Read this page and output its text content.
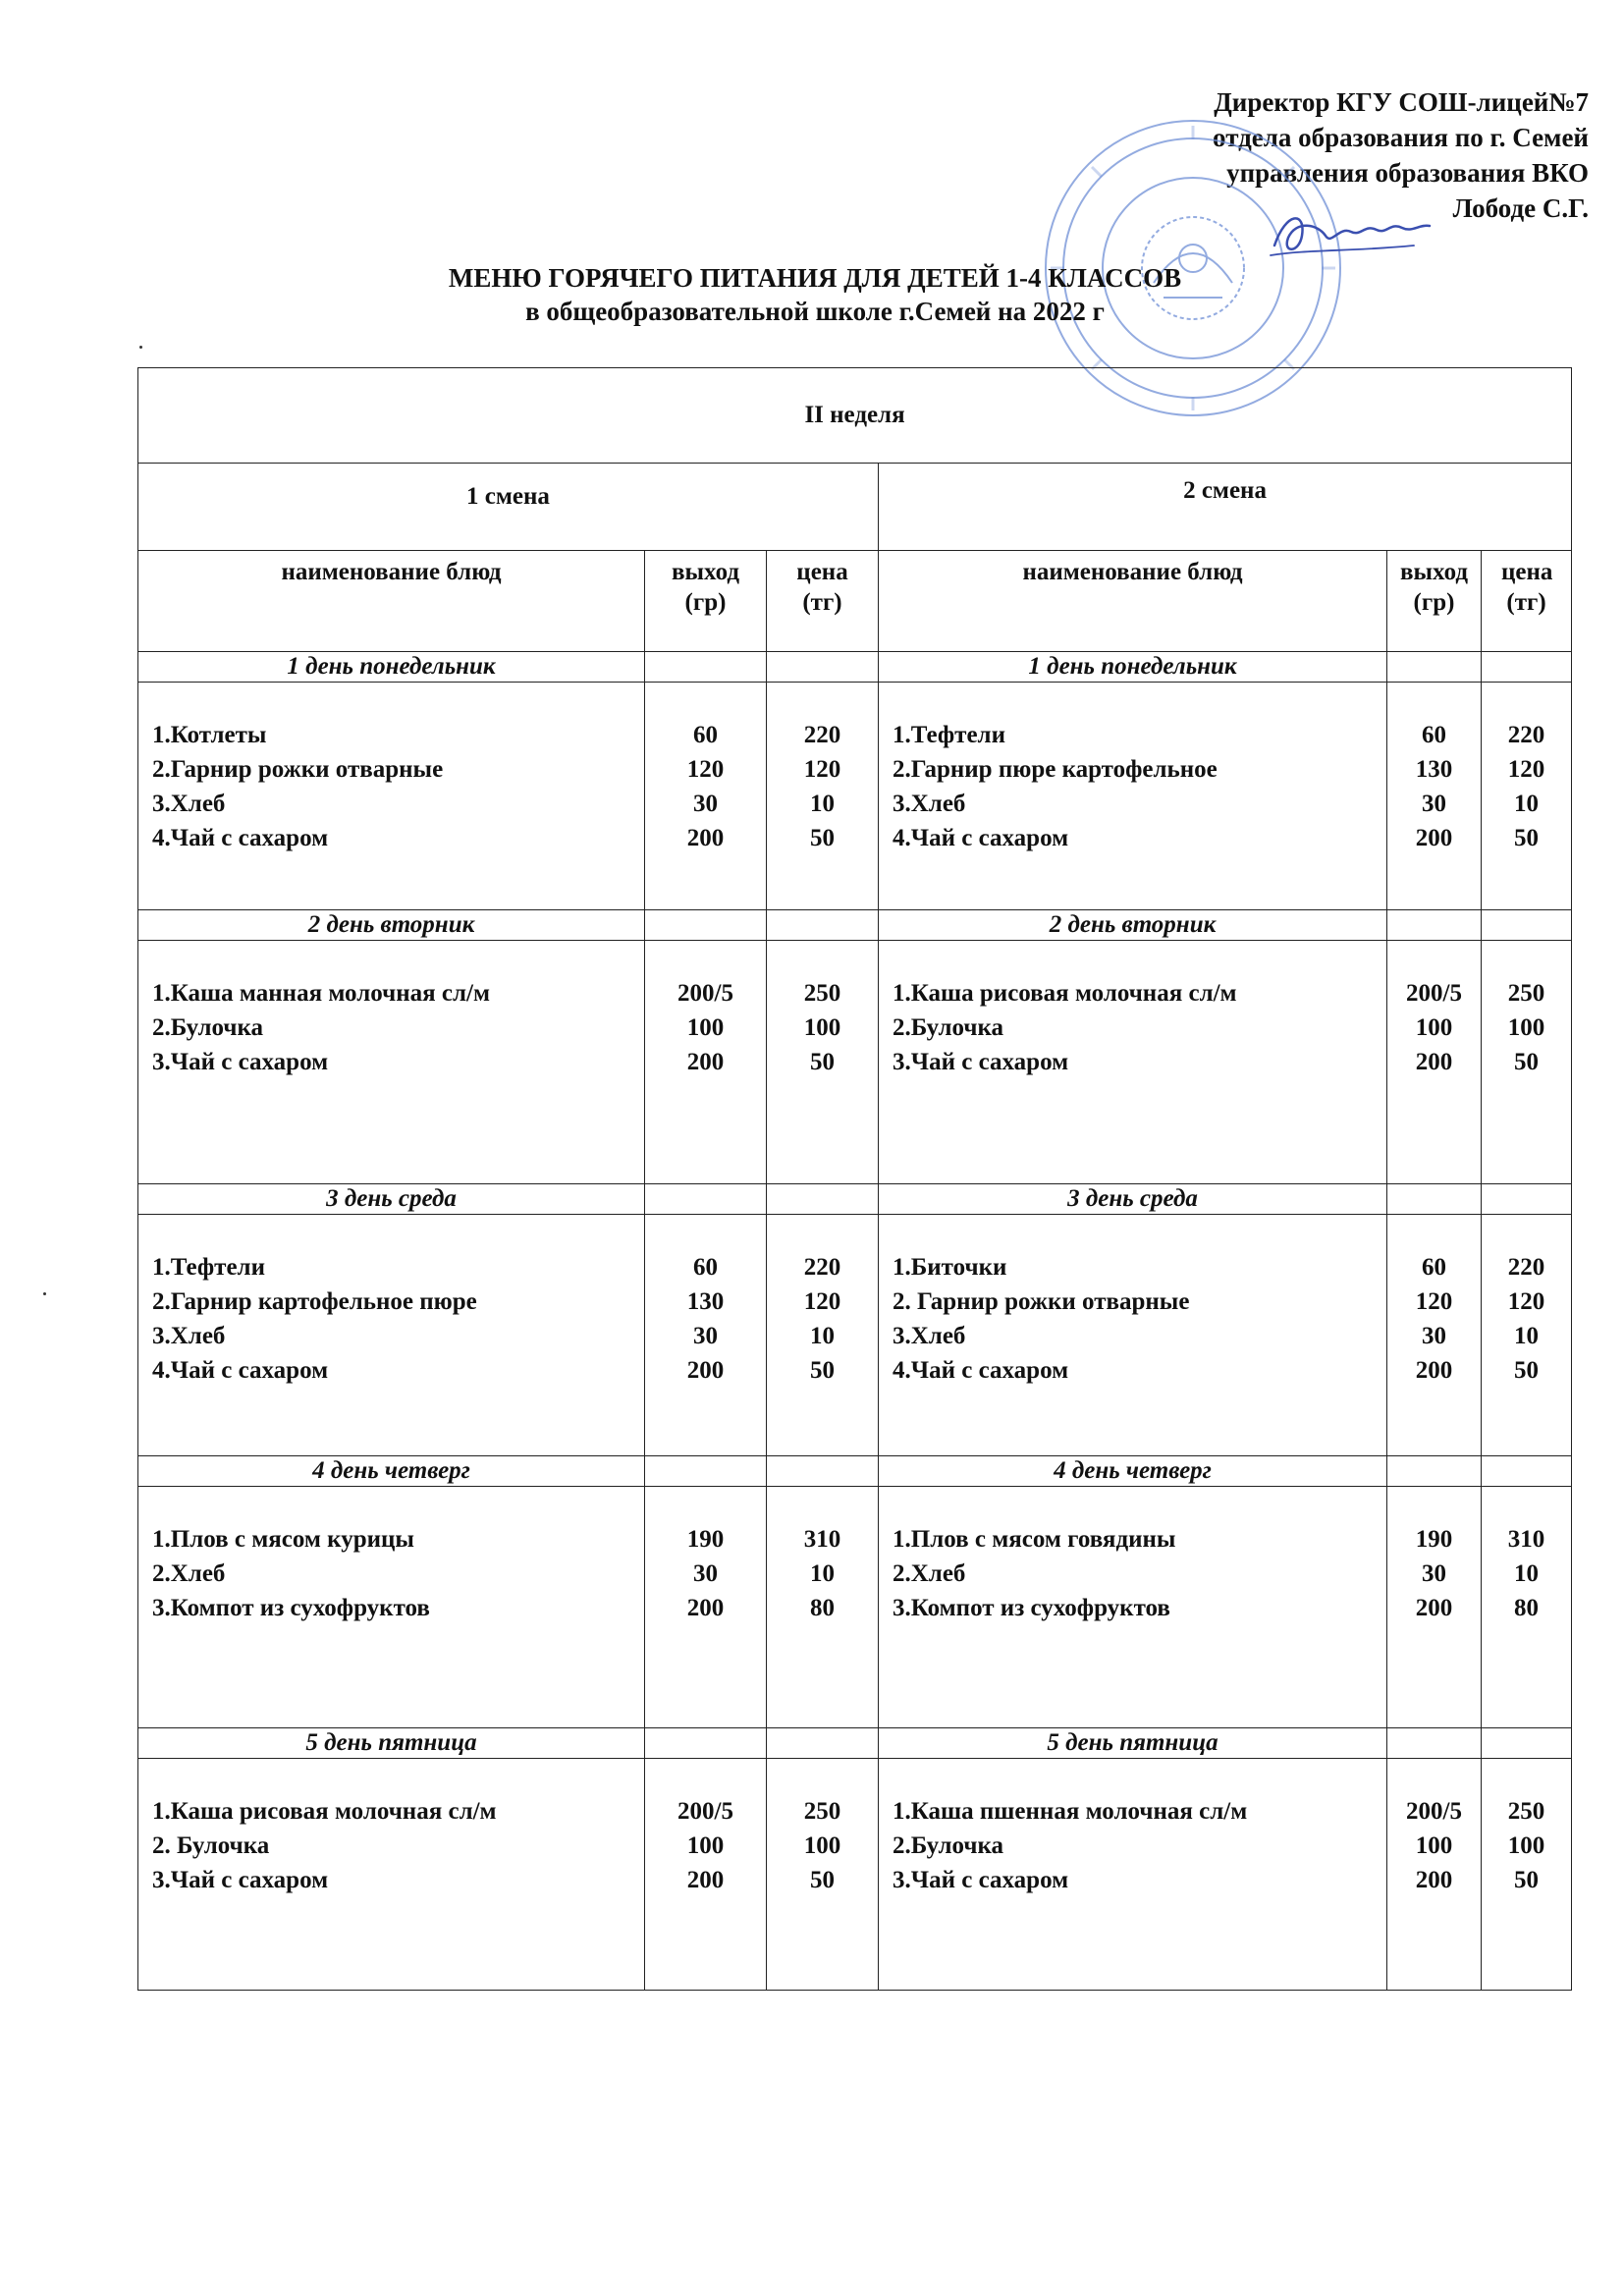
Директор КГУ СОШ-лицей№7
отдела образования по г. Семей
управления образования ВКО
Лободе С.Г.
МЕНЮ ГОРЯЧЕГО ПИТАНИЯ ДЛЯ ДЕТЕЙ 1-4 КЛАССОВ
в общеобразовательной школе г.Семей на 2022 г
II неделя					

1 смена			2 смена		

наименование блюд	выход (гр)	цена (тг)	наименование блюд	выход (гр)	цена (тг)

1 день понедельник			1 день понедельник		

1.Котлеты
2.Гарнир рожки отварные
3.Хлеб
4.Чай с сахаром	60
120
30
200	220
120
10
50	1.Тефтели
2.Гарнир пюре картофельное
3.Хлеб
4.Чай с сахаром	60
130
30
200	220
120
10
50

2 день вторник			2 день вторник		

1.Каша манная молочная сл/м
2.Булочка
3.Чай с сахаром	200/5
100
200	250
100
50	1.Каша рисовая молочная сл/м
2.Булочка
3.Чай с сахаром	200/5
100
200	250
100
50

3 день среда			3 день среда		

1.Тефтели
2.Гарнир картофельное пюре
3.Хлеб
4.Чай с сахаром	60
130
30
200	220
120
10
50	1.Биточки
2. Гарнир рожки отварные
3.Хлеб
4.Чай с сахаром	60
120
30
200	220
120
10
50

4 день четверг			4 день четверг		

1.Плов с мясом курицы
2.Хлеб
3.Компот из сухофруктов	190
30
200	310
10
80	1.Плов с мясом говядины
2.Хлеб
3.Компот из сухофруктов	190
30
200	310
10
80

5 день пятница			5 день пятница		

1.Каша рисовая молочная сл/м
2. Булочка
3.Чай с сахаром	200/5
100
200	250
100
50	1.Каша пшенная молочная сл/м
2.Булочка
3.Чай с сахаром	200/5
100
200	250
100
50
